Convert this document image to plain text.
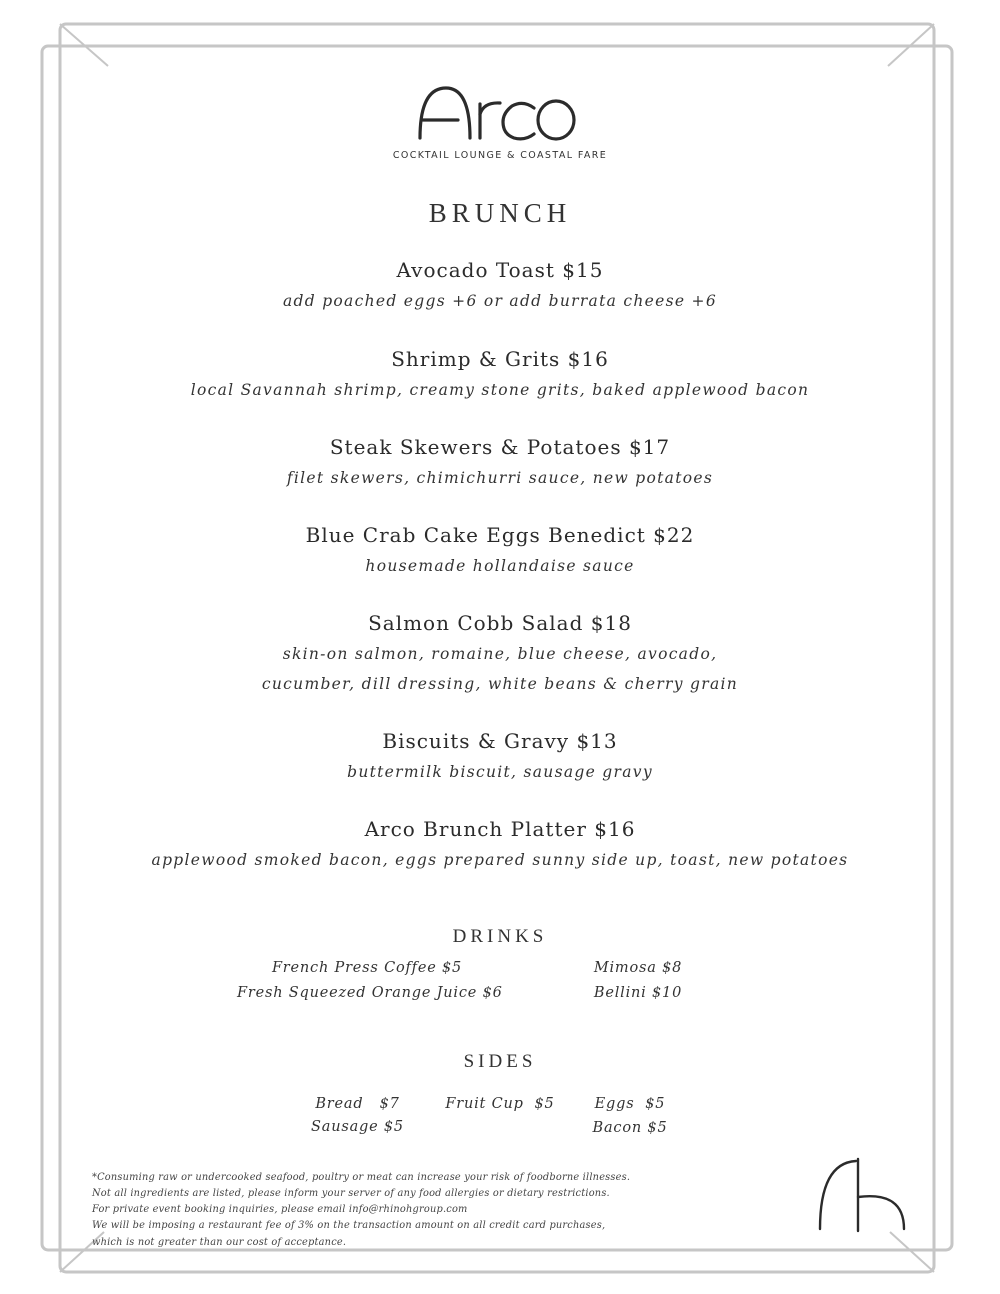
COCKTAIL LOUNGE & COASTAL FARE
BRUNCH
Avocado Toast $15
add poached eggs +6 or add burrata cheese +6
Shrimp & Grits $16
local Savannah shrimp, creamy stone grits, baked applewood bacon
Steak Skewers & Potatoes $17
filet skewers, chimichurri sauce, new potatoes
Blue Crab Cake Eggs Benedict $22
housemade hollandaise sauce
Salmon Cobb Salad $18
skin-on salmon, romaine, blue cheese, avocado,
cucumber, dill dressing, white beans & cherry grain
Biscuits & Gravy $13
buttermilk biscuit, sausage gravy
Arco Brunch Platter $16
applewood smoked bacon, eggs prepared sunny side up, toast, new potatoes
DRINKS
French Press Coffee $5
Fresh Squeezed Orange Juice $6
Mimosa $8
Bellini $10
SIDES
Bread   $7
Sausage $5
Fruit Cup  $5	Eggs  $5
Bacon $5
*Consuming raw or undercooked seafood, poultry or meat can increase your risk of foodborne illnesses.
Not all ingredients are listed, please inform your server of any food allergies or dietary restrictions.
For private event booking inquiries, please email info@rhinohgroup.com
We will be imposing a restaurant fee of 3% on the transaction amount on all credit card purchases,
which is not greater than our cost of acceptance.
